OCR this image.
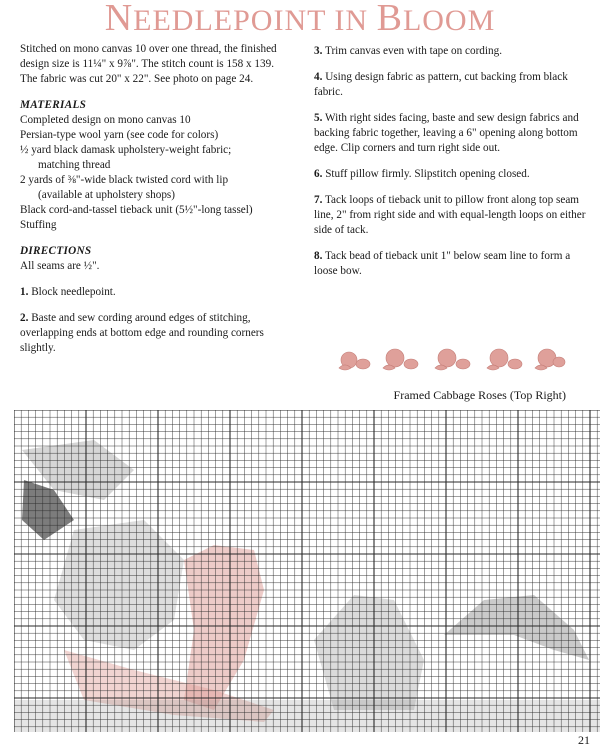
NEEDLEPOINT IN BLOOM

Stitched on mono canvas 10 over one thread, the finished design size is 11¼" x 9⅞". The stitch count is 158 x 139. The fabric was cut 20" x 22". See photo on page 24.

MATERIALS

Completed design on mono canvas 10

Persian-type wool yarn (see code for colors)

½ yard black damask upholstery-weight fabric;

matching thread

2 yards of ⅜"-wide black twisted cord with lip

(available at upholstery shops)

Black cord-and-tassel tieback unit (5½"-long tassel)

Stuffing

DIRECTIONS

All seams are ½".

1. Block needlepoint.

2. Baste and sew cording around edges of stitching, overlapping ends at bottom edge and rounding corners slightly.

3. Trim canvas even with tape on cording.

4. Using design fabric as pattern, cut backing from black fabric.

5. With right sides facing, baste and sew design fabrics and backing fabric together, leaving a 6" opening along bottom edge. Clip corners and turn right side out.

6. Stuff pillow firmly. Slipstitch opening closed.

7. Tack loops of tieback unit to pillow front along top seam line, 2" from right side and with equal-length loops on either side of tack.

8. Tack bead of tieback unit 1" below seam line to form a loose bow.

Framed Cabbage Roses (Top Right)
21
